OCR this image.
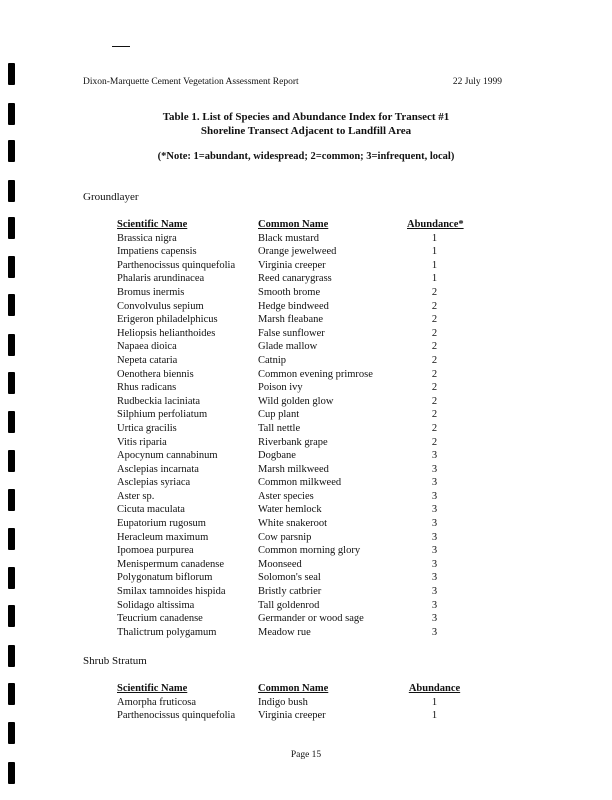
Dixon-Marquette Cement Vegetation Assessment Report	22 July 1999
Table 1. List of Species and Abundance Index for Transect #1
Shoreline Transect Adjacent to Landfill Area
(*Note: 1=abundant, widespread; 2=common; 3=infrequent, local)
Groundlayer
Scientific Name	Common Name	Abundance*
Brassica nigra	Black mustard	1
Impatiens capensis	Orange jewelweed	1
Parthenocissus quinquefolia	Virginia creeper	1
Phalaris arundinacea	Reed canarygrass	1
Bromus inermis	Smooth brome	2
Convolvulus sepium	Hedge bindweed	2
Erigeron philadelphicus	Marsh fleabane	2
Heliopsis helianthoides	False sunflower	2
Napaea dioica	Glade mallow	2
Nepeta cataria	Catnip	2
Oenothera biennis	Common evening primrose	2
Rhus radicans	Poison ivy	2
Rudbeckia laciniata	Wild golden glow	2
Silphium perfoliatum	Cup plant	2
Urtica gracilis	Tall nettle	2
Vitis riparia	Riverbank grape	2
Apocynum cannabinum	Dogbane	3
Asclepias incarnata	Marsh milkweed	3
Asclepias syriaca	Common milkweed	3
Aster sp.	Aster species	3
Cicuta maculata	Water hemlock	3
Eupatorium rugosum	White snakeroot	3
Heracleum maximum	Cow parsnip	3
Ipomoea purpurea	Common morning glory	3
Menispermum canadense	Moonseed	3
Polygonatum biflorum	Solomon's seal	3
Smilax tamnoides hispida	Bristly catbrier	3
Solidago altissima	Tall goldenrod	3
Teucrium canadense	Germander or wood sage	3
Thalictrum polygamum	Meadow rue	3
Shrub Stratum
Scientific Name	Common Name	Abundance
Amorpha fruticosa	Indigo bush	1
Parthenocissus quinquefolia	Virginia creeper	1
Page 15
